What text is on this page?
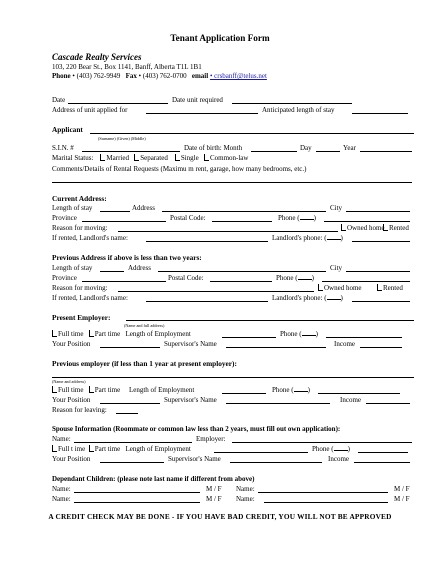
Tenant Application Form
Cascade Realty Services
103, 220 Bear St., Box 1141, Banff, Alberta T1L 1B1
Phone • (403) 762-9949 Fax • (403) 762-0700 email • crsbanff@telus.net
Date	Date unit required
Address of unit applied for	Anticipated length of stay
Applicant
(Surname) (Given) (Middle)
S.I.N. #	Date of birth: Month	Day	Year
Marital Status: Married Separated Single Common-law
Comments/Details of Rental Requests (Maximu m rent, garage, how many bedrooms, etc.)
Current Address:
Length of stay	Address	City
Province	Postal Code:	Phone ( )
Reason for moving:	Owned home Rented
If rented, Landlord's name:	Landlord's phone: ( )
Previous Address if above is less than two years:
Length of stay	Address	City
Province	Postal Code:	Phone ( )
Reason for moving:	Owned home	Rented
If rented, Landlord's name:	Landlord's phone: ( )
Present Employer:
(Name and full address)
Full time Part time Length of Employment	Phone ( )
Your Position	Supervisor's Name	Income
Previous employer (if less than 1 year at present employer):
(Name and address)
Full time Part time Length of Employment	Phone ( )
Your Position	Supervisor's Name	Income
Reason for leaving:
Spouse Information (Roommate or common law less than 2 years, must fill out own application):
Name:	Employer:
Full t ime Part time Length of Employment	Phone ( )
Your Position	Supervisor's Name	Income
Dependant Children: (please note last name if different from above)
Name:	M / F Name:	M / F
Name:	M / F Name:	M / F
A CREDIT CHECK MAY BE DONE - IF YOU HAVE BAD CREDIT, YOU WILL NOT BE APPROVED
